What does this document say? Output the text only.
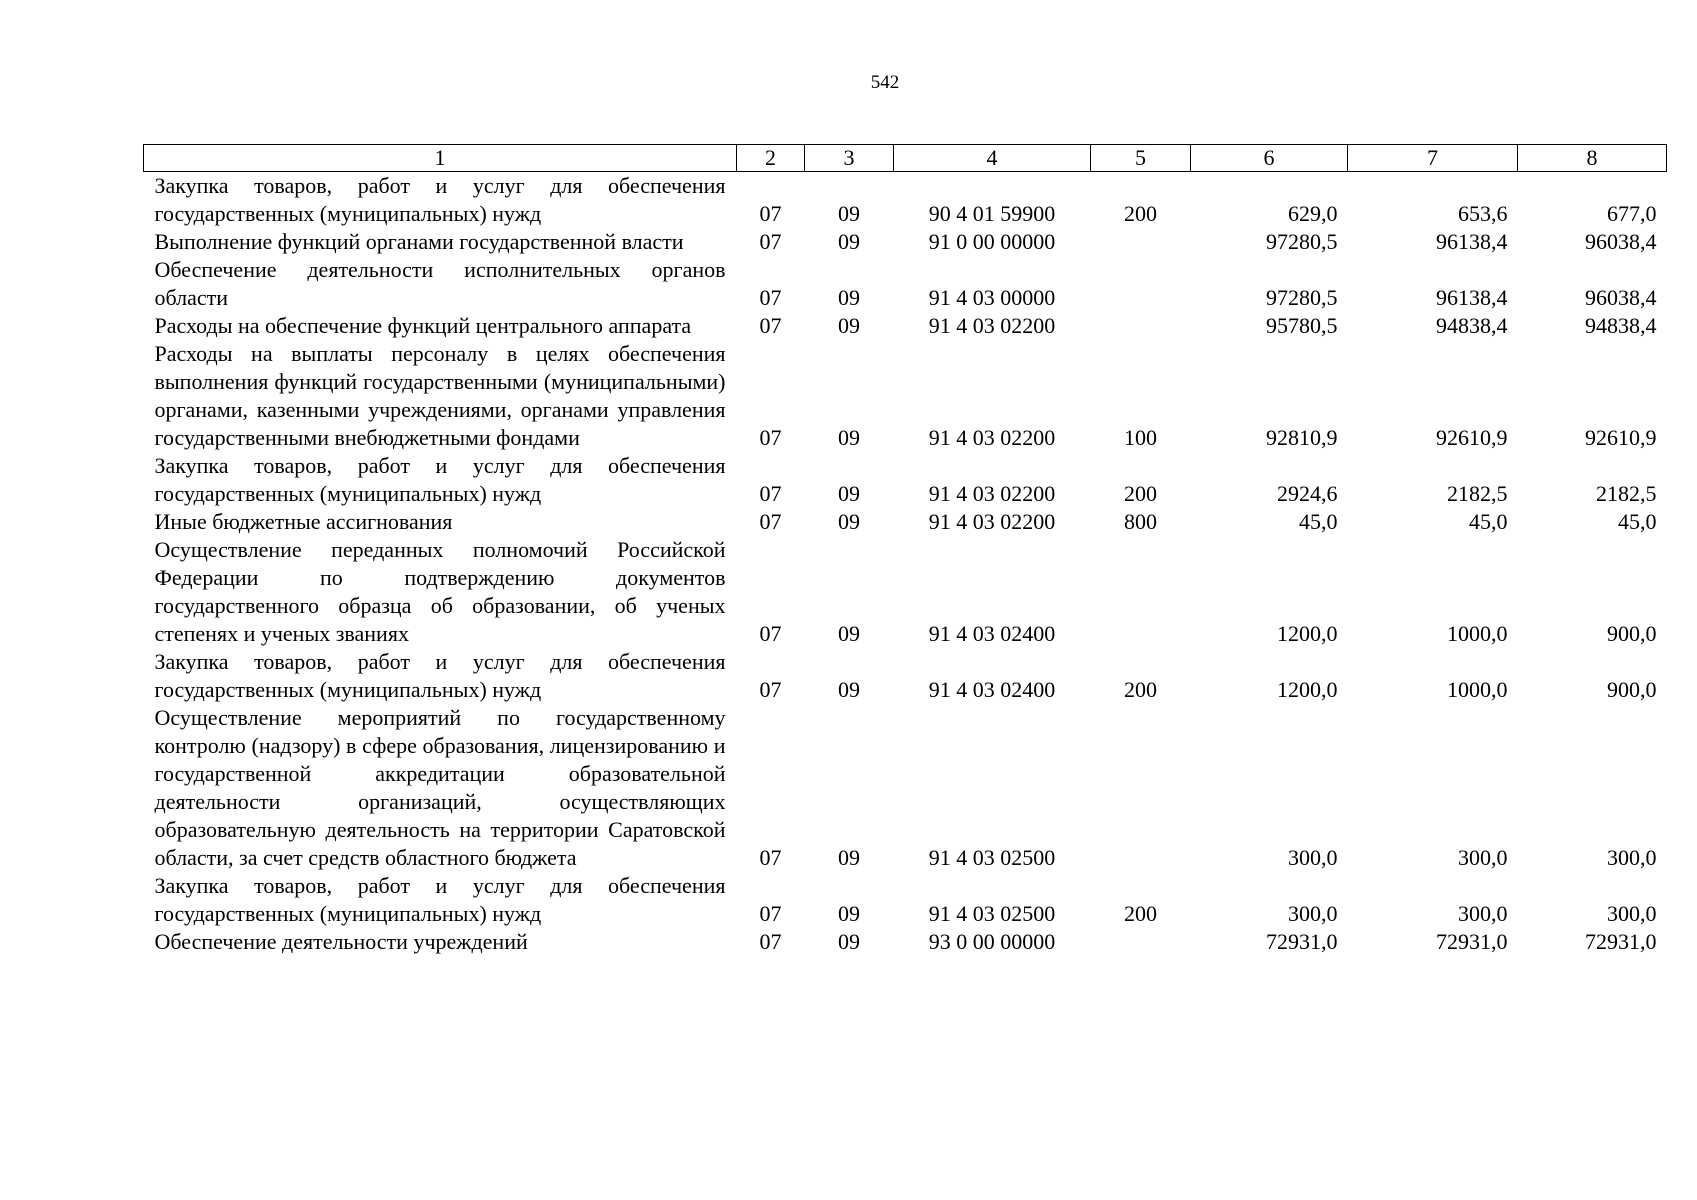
542
1	2	3	4	5	6	7	8
Закупка товаров, работ и услуг для обеспечения государственных (муниципальных) нужд	07	09	90 4 01 59900	200	629,0	653,6	677,0
Выполнение функций органами государственной власти	07	09	91 0 00 00000		97280,5	96138,4	96038,4
Обеспечение деятельности исполнительных органов области	07	09	91 4 03 00000		97280,5	96138,4	96038,4
Расходы на обеспечение функций центрального аппарата	07	09	91 4 03 02200		95780,5	94838,4	94838,4
Расходы на выплаты персоналу в целях обеспечения выполнения функций государственными (муниципальными) органами, казенными учреждениями, органами управления государственными внебюджетными фондами	07	09	91 4 03 02200	100	92810,9	92610,9	92610,9
Закупка товаров, работ и услуг для обеспечения государственных (муниципальных) нужд	07	09	91 4 03 02200	200	2924,6	2182,5	2182,5
Иные бюджетные ассигнования	07	09	91 4 03 02200	800	45,0	45,0	45,0
Осуществление переданных полномочий Российской Федерации по подтверждению документов государственного образца об образовании, об ученых степенях и ученых званиях	07	09	91 4 03 02400		1200,0	1000,0	900,0
Закупка товаров, работ и услуг для обеспечения государственных (муниципальных) нужд	07	09	91 4 03 02400	200	1200,0	1000,0	900,0
Осуществление мероприятий по государственному контролю (надзору) в сфере образования, лицензированию и государственной аккредитации образовательной деятельности организаций, осуществляющих образовательную деятельность на территории Саратовской области, за счет средств областного бюджета	07	09	91 4 03 02500		300,0	300,0	300,0
Закупка товаров, работ и услуг для обеспечения государственных (муниципальных) нужд	07	09	91 4 03 02500	200	300,0	300,0	300,0
Обеспечение деятельности учреждений	07	09	93 0 00 00000		72931,0	72931,0	72931,0
